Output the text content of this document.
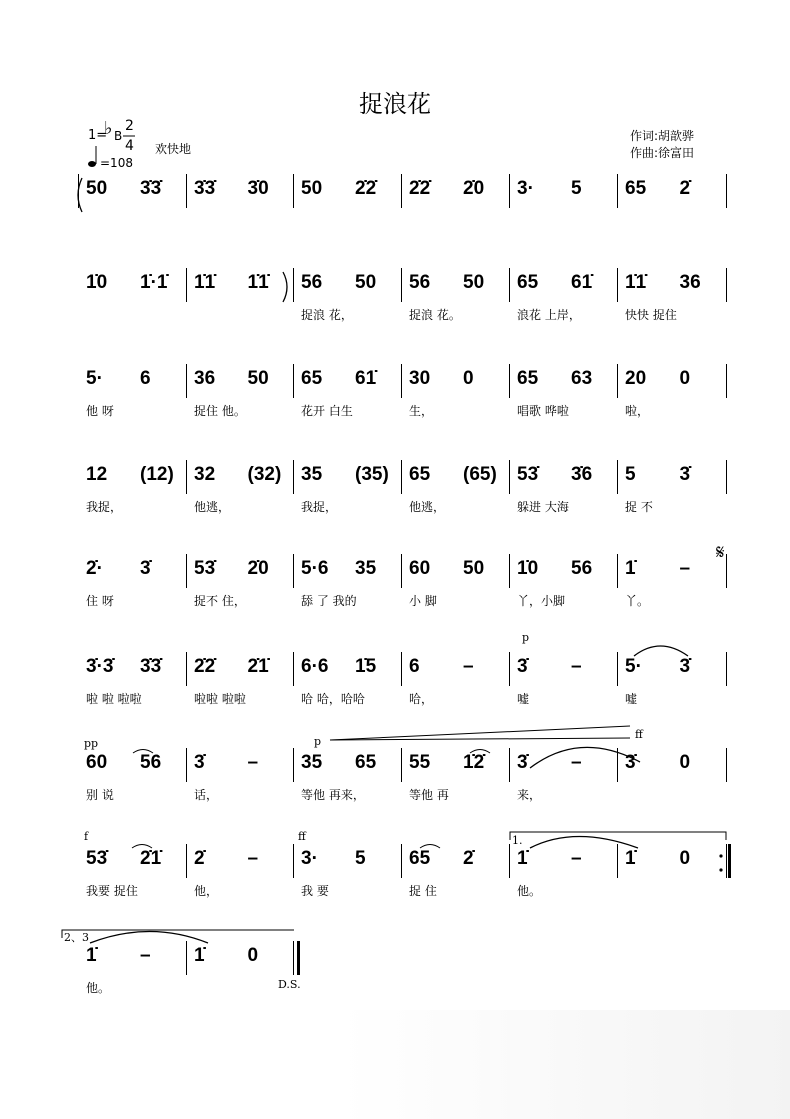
捉浪花
1=
♭ B
2
4
=108
欢快地
作词:胡歆骅
作曲:徐富田
50 3̇3̇ 3̇3̇ 3̇0 50 2̇2̇ 2̇2̇ 2̇0 3· 5 65 2̇
1̇0 1̇·1̇ 1̇1̇ 1̇1̇ 56 50
捉浪 花，
56 50
捉浪 花。
65 61̇
浪花 上岸，
1̇1̇ 36
快快 捉住
5· 6
他 呀
36 50
捉住 他。
65 61̇
花开 白生
30 0
生，
65 63
唱歌 哗啦
20 0
啦，
12 (12)
我捉，
32 (32)
他逃，
35 (35)
我捉，
65 (65)
他逃，
53̇ 3̇6
躲进 大海
5 3̇
捉 不
2̇· 3̇
住 呀
53̇ 2̇0
捉不 住，
5·6 35
舔 了 我的
60 50
小 脚
1̇0 56
丫，小脚
1̇ –
丫。
3̇·3̇ 3̇3̇
啦 啦 啦啦
2̇2̇ 2̇1̇
啦啦 啦啦
6·6 1̇5
哈 哈，哈哈
6 –
哈，
3̇ –
嘘
5· 3̇
嘘
60 56
别 说
3̇ –
话，
35 65
等他 再来，
55 1̇2̇
等他 再
3̇ –
来，
3̇ 0
53̇ 2̇1̇
我要 捉住
2̇ –
他，
3· 5
我 要
65 2̇
捉 住
1̇ –
他。
1̇ 0
1̇ –
他。
1̇ 0
p
pp	p
ff
f	ff
𝄋
1.
2、3
D.S.
